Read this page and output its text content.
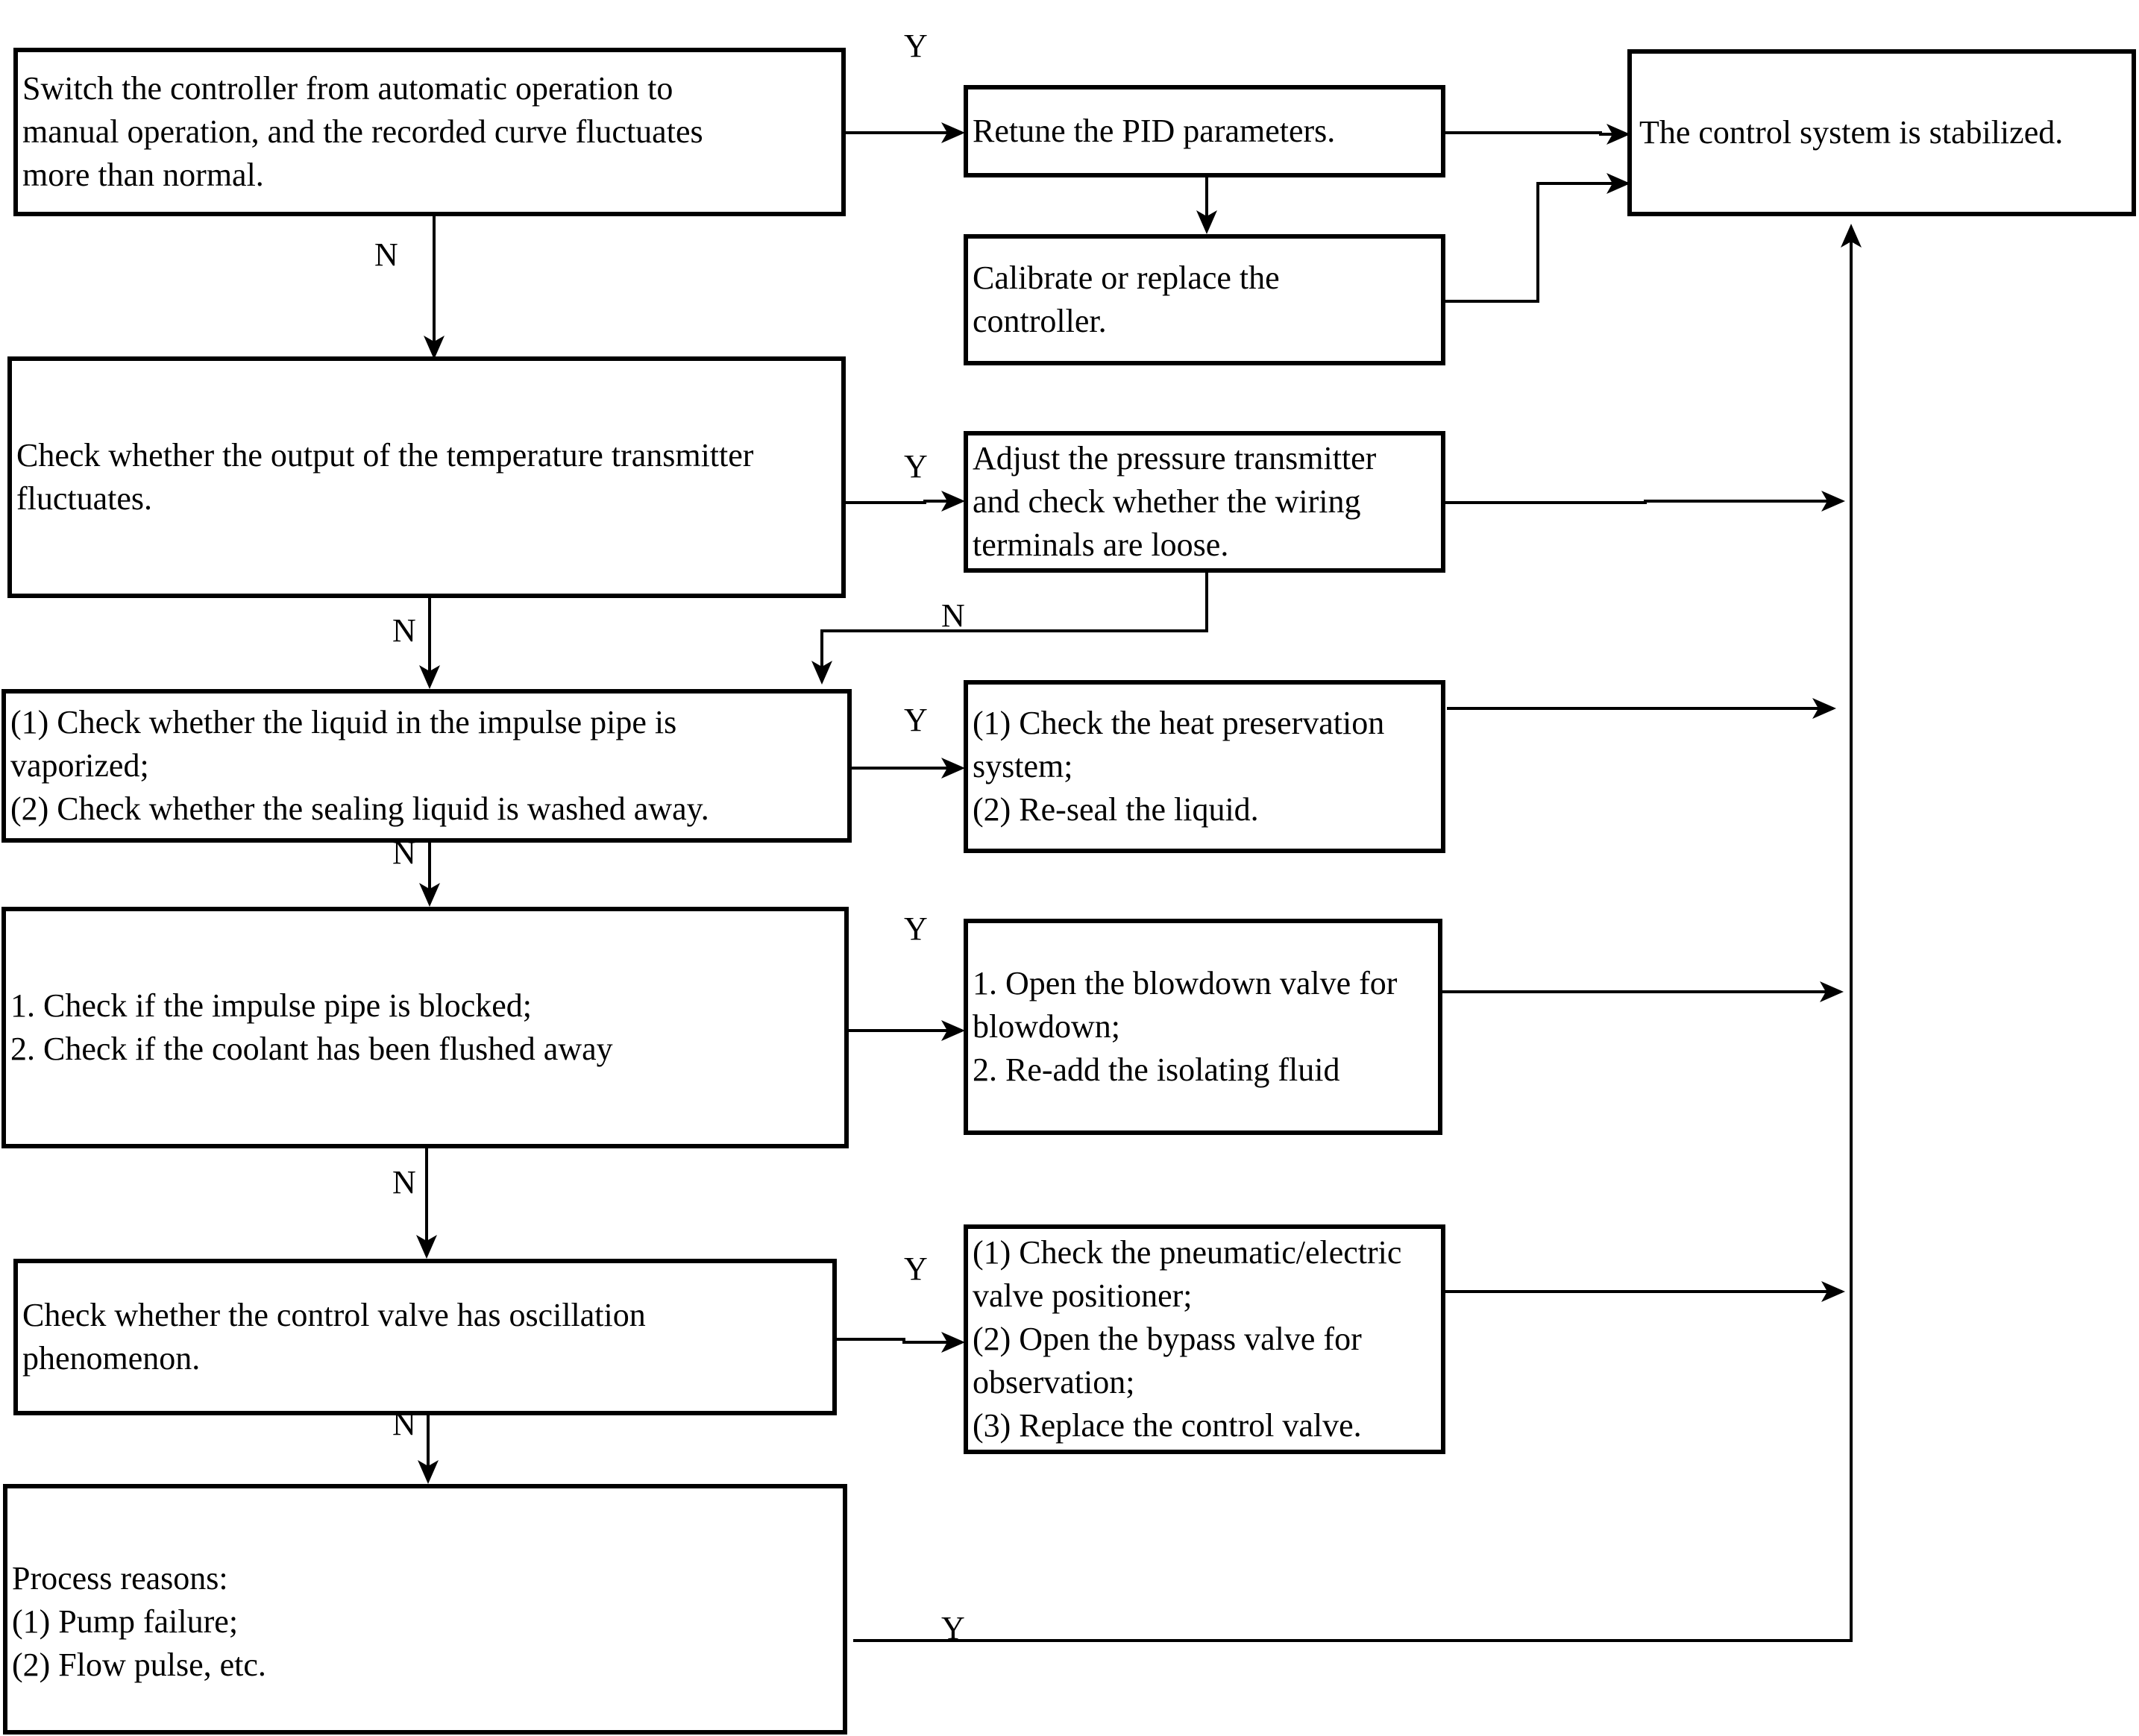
Switch the controller from automatic operation to
manual operation, and the recorded curve fluctuates
more than normal.
Retune the PID parameters.
Calibrate or replace the
controller.
The control system is stabilized.
Check whether the output of the temperature transmitter
fluctuates.
Adjust the pressure transmitter
and check whether the wiring
terminals are loose.
(1) Check whether the liquid in the impulse pipe is
vaporized;
(2) Check whether the sealing liquid is washed away.
(1) Check the heat preservation
system;
(2) Re-seal the liquid.
1. Check if the impulse pipe is blocked;
2. Check if the coolant has been flushed away
1. Open the blowdown valve for
blowdown;
2. Re-add the isolating fluid
Check whether the control valve has oscillation
phenomenon.
(1) Check the pneumatic/electric
valve positioner;
(2) Open the bypass valve for
observation;
(3) Replace the control valve.
Process reasons:
(1) Pump failure;
(2) Flow pulse, etc.
Y
N
Y
N	N
Y
N
Y
N
Y
N
Y
